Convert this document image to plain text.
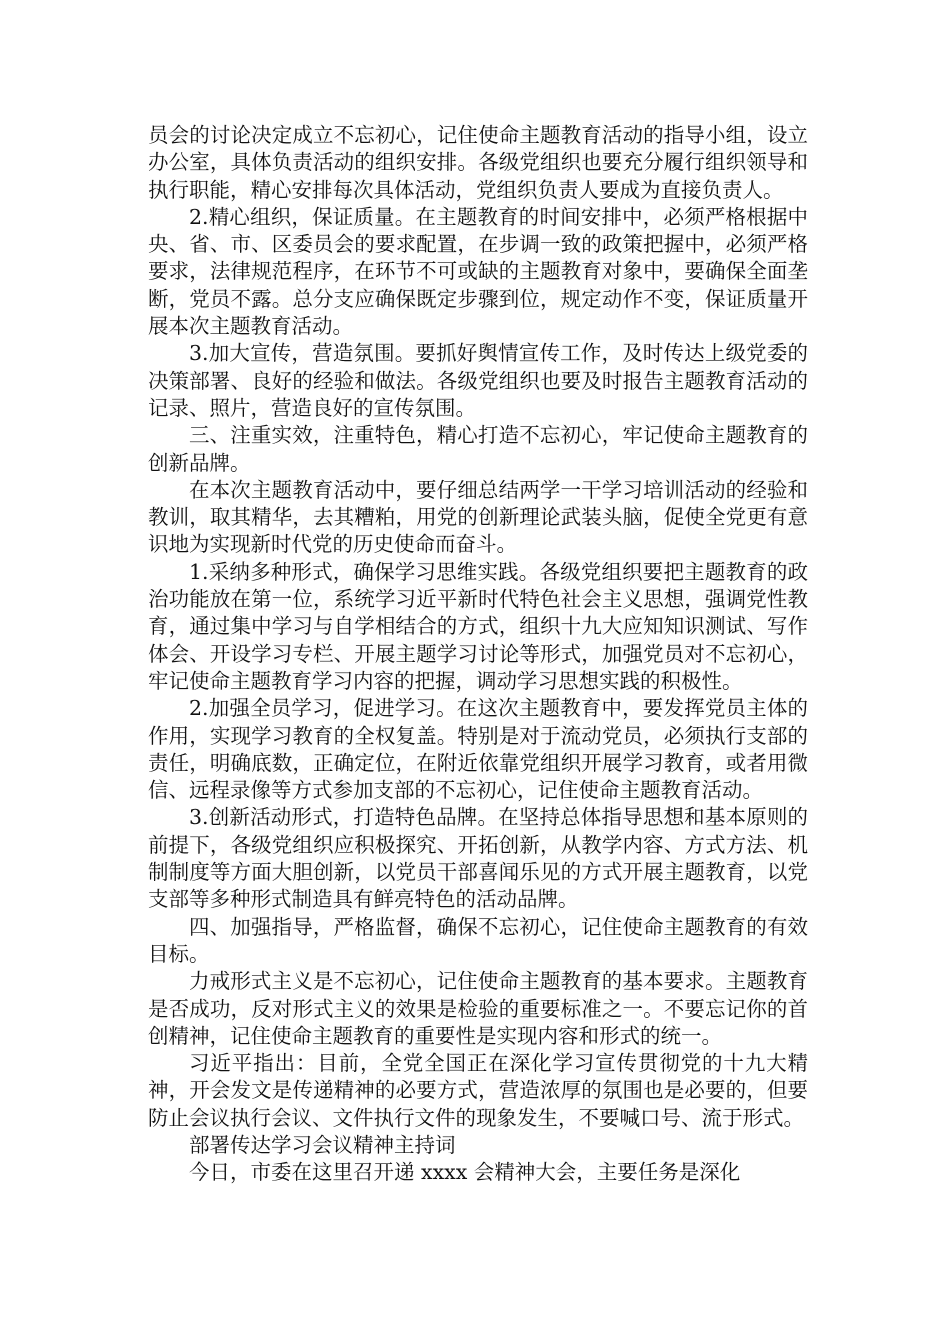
员会的讨论决定成立不忘初心，记住使命主题教育活动的指导小组，设立办公室，具体负责活动的组织安排。各级党组织也要充分履行组织领导和执行职能，精心安排每次具体活动，党组织负责人要成为直接负责人。

2.精心组织，保证质量。在主题教育的时间安排中，必须严格根据中央、省、市、区委员会的要求配置，在步调一致的政策把握中，必须严格要求，法律规范程序，在环节不可或缺的主题教育对象中，要确保全面垄断，党员不露。总分支应确保既定步骤到位，规定动作不变，保证质量开展本次主题教育活动。

3.加大宣传，营造氛围。要抓好舆情宣传工作，及时传达上级党委的决策部署、良好的经验和做法。各级党组织也要及时报告主题教育活动的记录、照片，营造良好的宣传氛围。

三、注重实效，注重特色，精心打造不忘初心，牢记使命主题教育的创新品牌。

在本次主题教育活动中，要仔细总结两学一干学习培训活动的经验和教训，取其精华，去其糟粕，用党的创新理论武装头脑，促使全党更有意识地为实现新时代党的历史使命而奋斗。

1.采纳多种形式，确保学习思维实践。各级党组织要把主题教育的政治功能放在第一位，系统学习近平新时代特色社会主义思想，强调党性教育，通过集中学习与自学相结合的方式，组织十九大应知知识测试、写作体会、开设学习专栏、开展主题学习讨论等形式，加强党员对不忘初心，牢记使命主题教育学习内容的把握，调动学习思想实践的积极性。

2.加强全员学习，促进学习。在这次主题教育中，要发挥党员主体的作用，实现学习教育的全权复盖。特别是对于流动党员，必须执行支部的责任，明确底数，正确定位，在附近依靠党组织开展学习教育，或者用微信、远程录像等方式参加支部的不忘初心，记住使命主题教育活动。

3.创新活动形式，打造特色品牌。在坚持总体指导思想和基本原则的前提下，各级党组织应积极探究、开拓创新，从教学内容、方式方法、机制制度等方面大胆创新，以党员干部喜闻乐见的方式开展主题教育，以党支部等多种形式制造具有鲜亮特色的活动品牌。

四、加强指导，严格监督，确保不忘初心，记住使命主题教育的有效目标。

力戒形式主义是不忘初心，记住使命主题教育的基本要求。主题教育是否成功，反对形式主义的效果是检验的重要标准之一。不要忘记你的首创精神，记住使命主题教育的重要性是实现内容和形式的统一。

习近平指出：目前，全党全国正在深化学习宣传贯彻党的十九大精神，开会发文是传递精神的必要方式，营造浓厚的氛围也是必要的，但要防止会议执行会议、文件执行文件的现象发生，不要喊口号、流于形式。

部署传达学习会议精神主持词

今日，市委在这里召开递 xxxx 会精神大会，主要任务是深化
